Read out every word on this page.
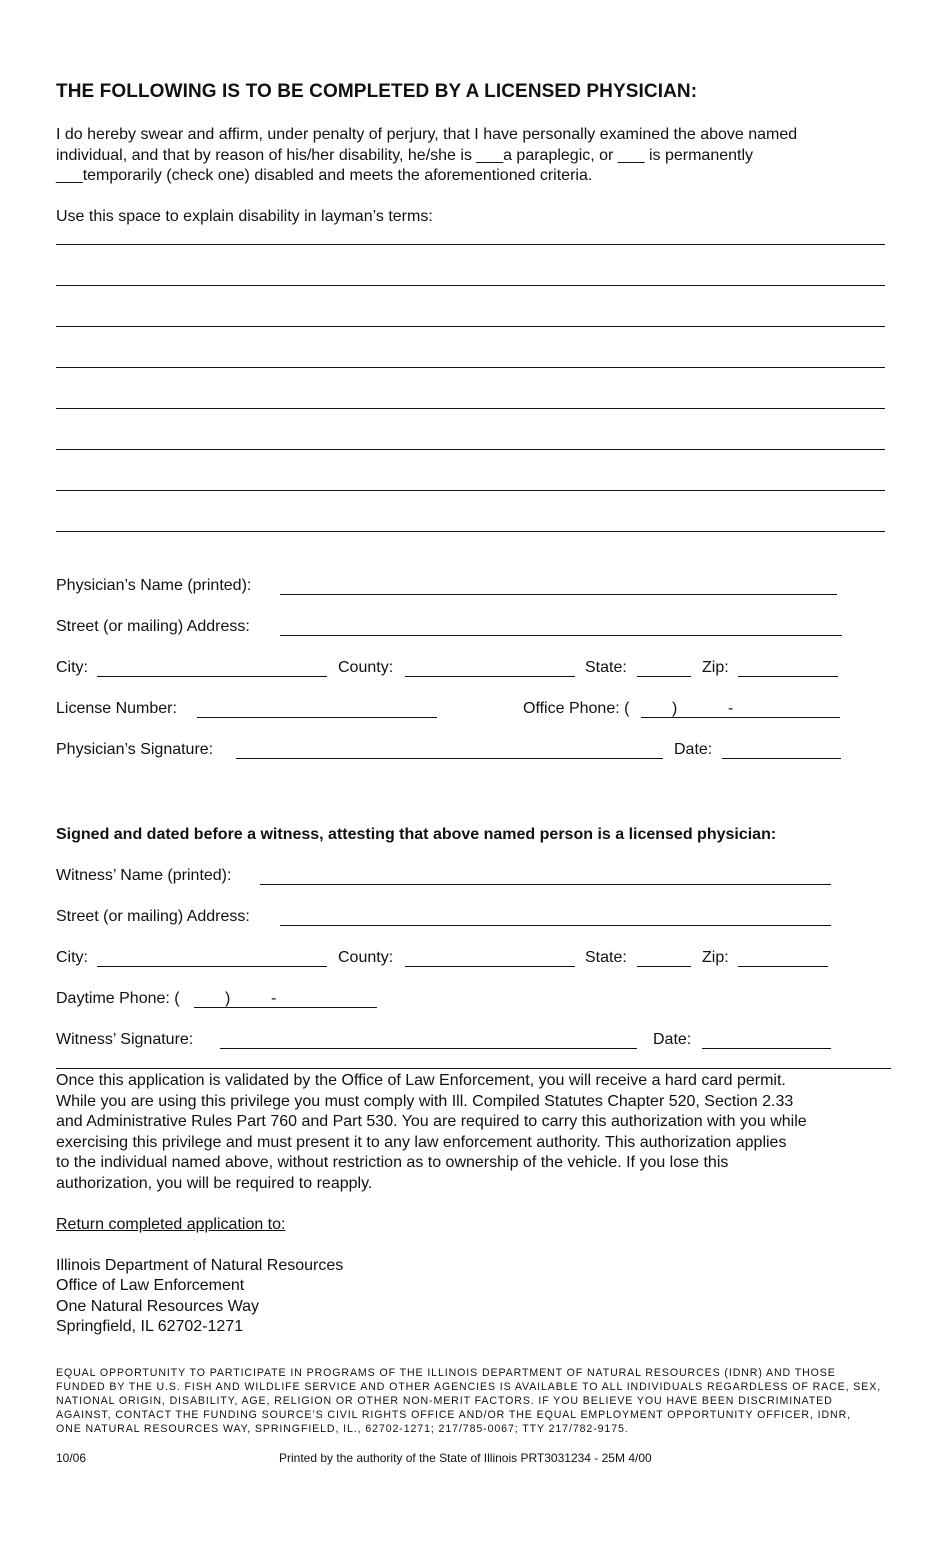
THE FOLLOWING IS TO BE COMPLETED BY A LICENSED PHYSICIAN:
I do hereby swear and affirm, under penalty of perjury, that I have personally examined the above named
individual, and that by reason of his/her disability, he/she is ___a paraplegic, or ___ is permanently
___temporarily (check one) disabled and meets the aforementioned criteria.
Use this space to explain disability in layman’s terms:
Physician’s Name (printed):
Street (or mailing) Address:
City:	County:	State:	Zip:
License Number:	Office Phone: (	)	-
Physician’s Signature:	Date:
Signed and dated before a witness, attesting that above named person is a licensed physician:
Witness’ Name (printed):
Street (or mailing) Address:
City:	County:	State:	Zip:
Daytime Phone: (	)	-
Witness’ Signature:	Date:
Once this application is validated by the Office of Law Enforcement, you will receive a hard card permit.
While you are using this privilege you must comply with Ill. Compiled Statutes Chapter 520, Section 2.33
and Administrative Rules Part 760 and Part 530. You are required to carry this authorization with you while
exercising this privilege and must present it to any law enforcement authority. This authorization applies
to the individual named above, without restriction as to ownership of the vehicle. If you lose this
authorization, you will be required to reapply.
Return completed application to:
Illinois Department of Natural Resources
Office of Law Enforcement
One Natural Resources Way
Springfield, IL 62702-1271
EQUAL OPPORTUNITY TO PARTICIPATE IN PROGRAMS OF THE ILLINOIS DEPARTMENT OF NATURAL RESOURCES (IDNR) AND THOSE
FUNDED BY THE U.S. FISH AND WILDLIFE SERVICE AND OTHER AGENCIES IS AVAILABLE TO ALL INDIVIDUALS REGARDLESS OF RACE, SEX,
NATIONAL ORIGIN, DISABILITY, AGE, RELIGION OR OTHER NON-MERIT FACTORS. IF YOU BELIEVE YOU HAVE BEEN DISCRIMINATED
AGAINST, CONTACT THE FUNDING SOURCE’S CIVIL RIGHTS OFFICE AND/OR THE EQUAL EMPLOYMENT OPPORTUNITY OFFICER, IDNR,
ONE NATURAL RESOURCES WAY, SPRINGFIELD, IL., 62702-1271; 217/785-0067; TTY 217/782-9175.
10/06	Printed by the authority of the State of Illinois PRT3031234 - 25M 4/00
